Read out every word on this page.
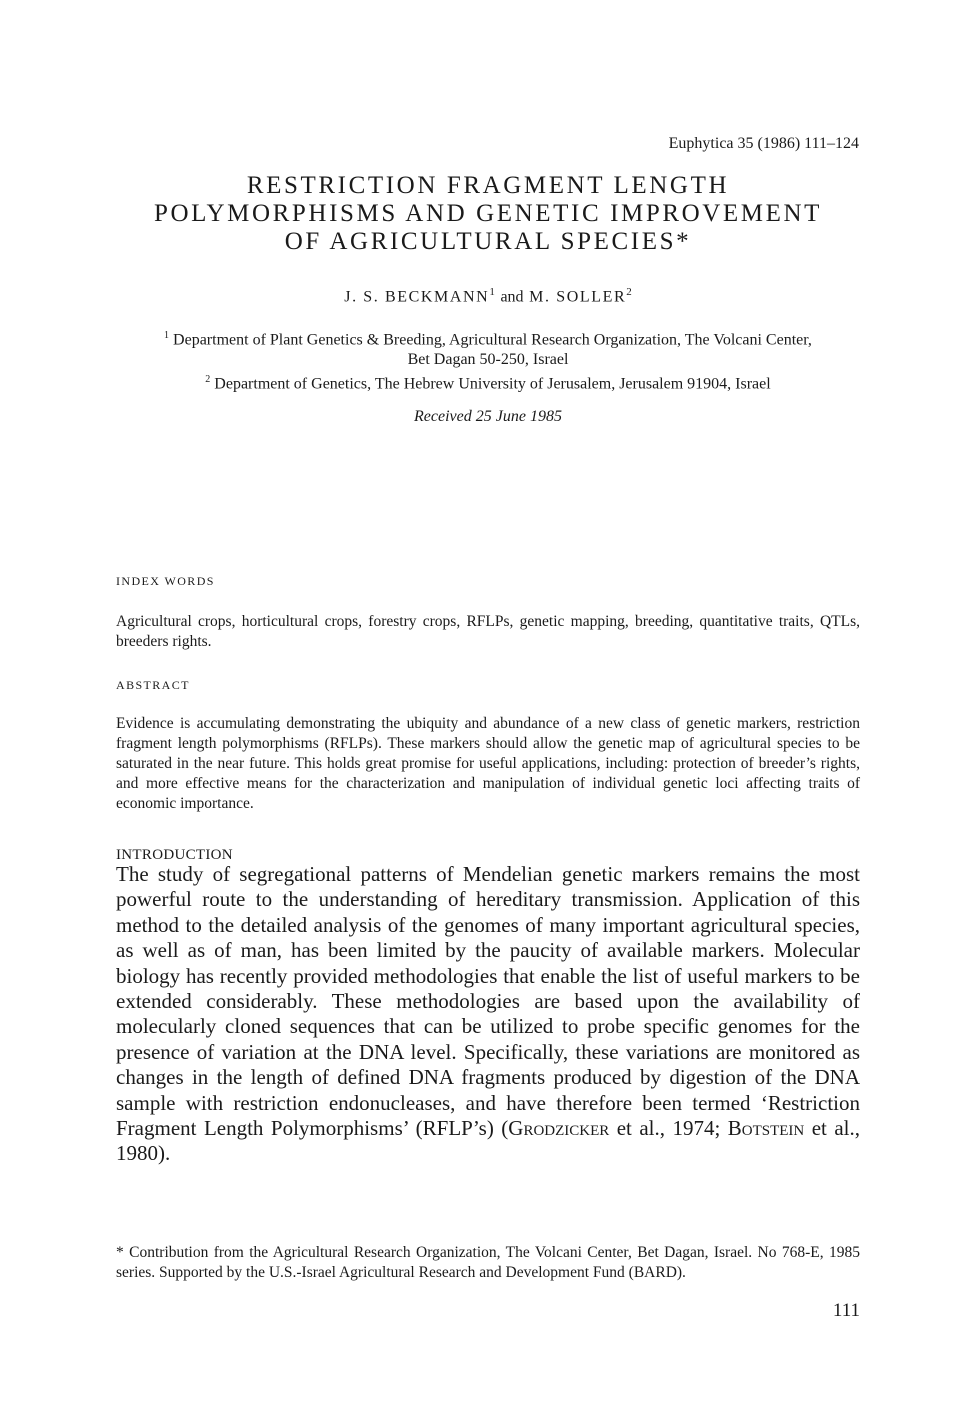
Euphytica 35 (1986) 111–124
RESTRICTION FRAGMENT LENGTH
POLYMORPHISMS AND GENETIC IMPROVEMENT
OF AGRICULTURAL SPECIES*
J. S. BECKMANN$^1$ and M. SOLLER$^2$
$^1$ Department of Plant Genetics & Breeding, Agricultural Research Organization, The Volcani Center,
Bet Dagan 50-250, Israel
$^2$ Department of Genetics, The Hebrew University of Jerusalem, Jerusalem 91904, Israel
Received 25 June 1985
INDEX WORDS
Agricultural crops, horticultural crops, forestry crops, RFLPs, genetic mapping, breeding, quantitative traits, QTLs, breeders rights.
ABSTRACT
Evidence is accumulating demonstrating the ubiquity and abundance of a new class of genetic markers, restriction fragment length polymorphisms (RFLPs). These markers should allow the genetic map of agricultural species to be saturated in the near future. This holds great promise for useful applications, including: protection of breeder’s rights, and more effective means for the characterization and manipulation of individual genetic loci affecting traits of economic importance.
INTRODUCTION
The study of segregational patterns of Mendelian genetic markers remains the most powerful route to the understanding of hereditary transmission. Application of this method to the detailed analysis of the genomes of many important agricultural species, as well as of man, has been limited by the paucity of available markers. Molecular biology has recently provided methodologies that enable the list of useful markers to be extended considerably. These methodologies are based upon the availability of molecularly cloned sequences that can be utilized to probe specific genomes for the presence of variation at the DNA level. Specifically, these variations are monitored as changes in the length of defined DNA fragments produced by digestion of the DNA sample with restriction endonucleases, and have therefore been termed ‘Restriction Fragment Length Polymorphisms’ (RFLP’s) (Grodzicker et al., 1974; Botstein et al., 1980).
* Contribution from the Agricultural Research Organization, The Volcani Center, Bet Dagan, Israel. No 768-E, 1985 series. Supported by the U.S.-Israel Agricultural Research and Development Fund (BARD).
111
